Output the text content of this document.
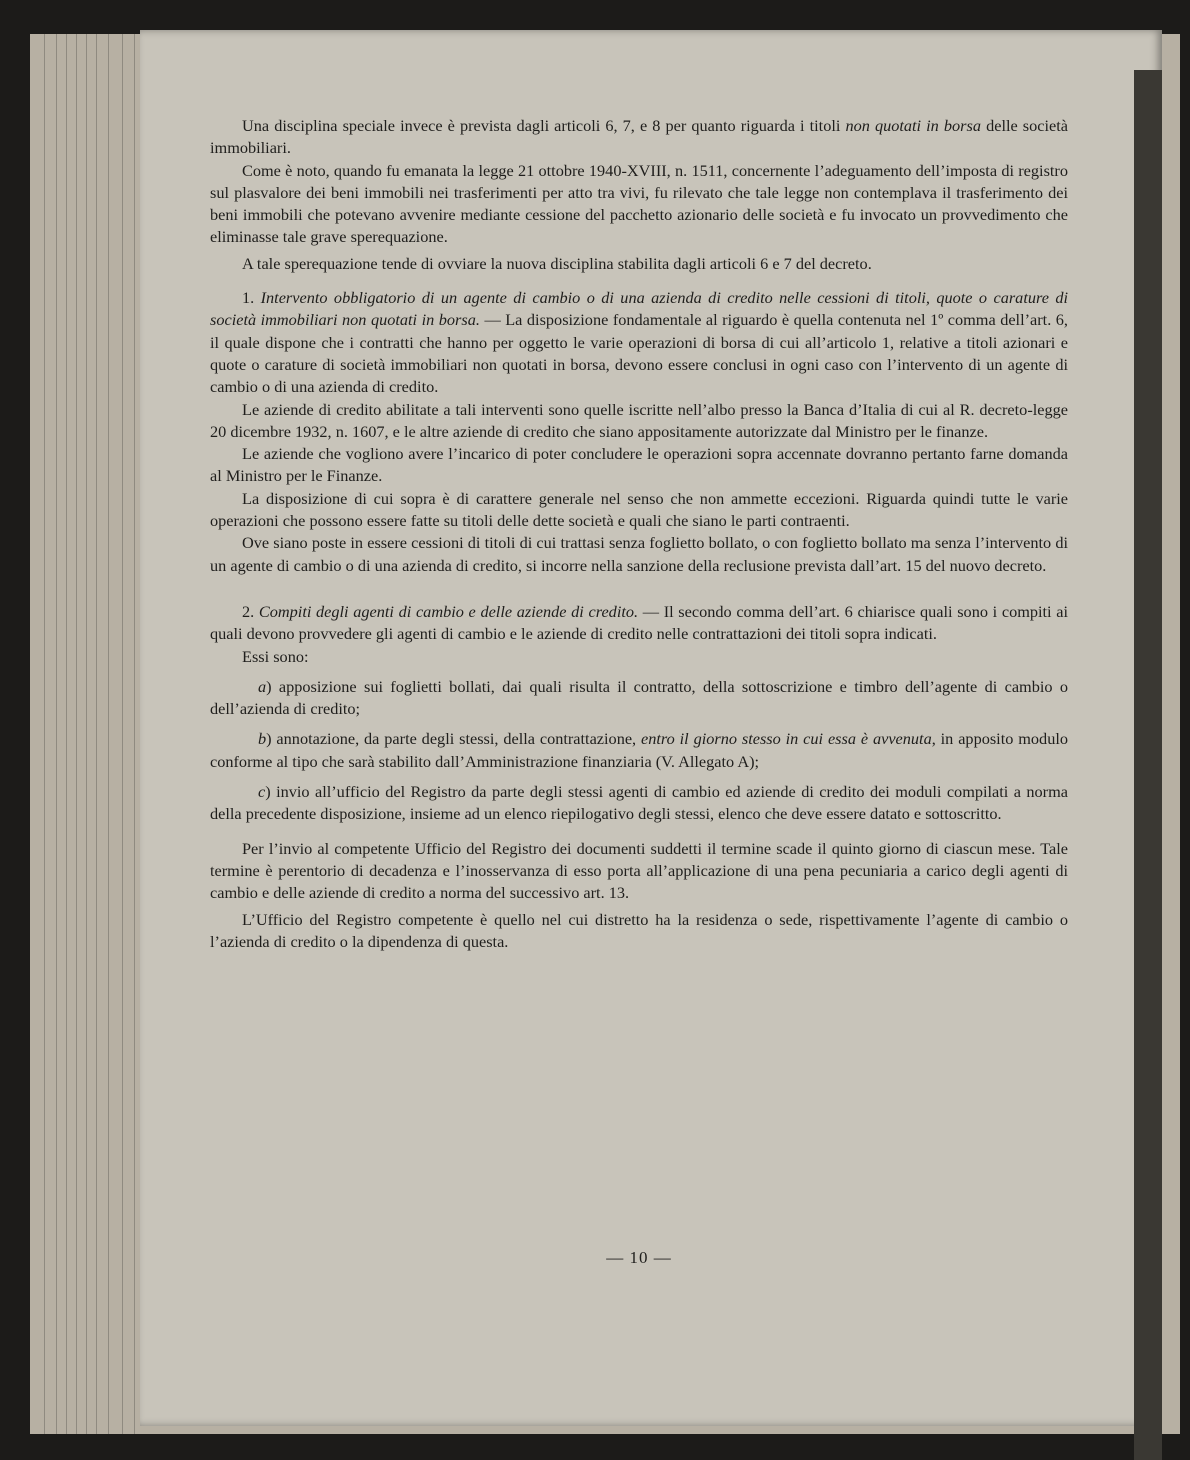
Una disciplina speciale invece è prevista dagli articoli 6, 7, e 8 per quanto riguarda i titoli non quotati in borsa delle società immobiliari.

Come è noto, quando fu emanata la legge 21 ottobre 1940-XVIII, n. 1511, concernente l’adeguamento dell’imposta di registro sul plasvalore dei beni immobili nei trasferimenti per atto tra vivi, fu rilevato che tale legge non contemplava il trasferimento dei beni immobili che potevano avvenire mediante cessione del pacchetto azionario delle società e fu invocato un provvedimento che eliminasse tale grave sperequazione.

A tale sperequazione tende di ovviare la nuova disciplina stabilita dagli articoli 6 e 7 del decreto.

1. Intervento obbligatorio di un agente di cambio o di una azienda di credito nelle cessioni di titoli, quote o carature di società immobiliari non quotati in borsa. — La disposizione fondamentale al riguardo è quella contenuta nel 1º comma dell’art. 6, il quale dispone che i contratti che hanno per oggetto le varie operazioni di borsa di cui all’articolo 1, relative a titoli azionari e quote o carature di società immobiliari non quotati in borsa, devono essere conclusi in ogni caso con l’intervento di un agente di cambio o di una azienda di credito.

Le aziende di credito abilitate a tali interventi sono quelle iscritte nell’albo presso la Banca d’Italia di cui al R. decreto-legge 20 dicembre 1932, n. 1607, e le altre aziende di credito che siano appositamente autorizzate dal Ministro per le finanze.

Le aziende che vogliono avere l’incarico di poter concludere le operazioni sopra accennate dovranno pertanto farne domanda al Ministro per le Finanze.

La disposizione di cui sopra è di carattere generale nel senso che non ammette eccezioni. Riguarda quindi tutte le varie operazioni che possono essere fatte su titoli delle dette società e quali che siano le parti contraenti.

Ove siano poste in essere cessioni di titoli di cui trattasi senza foglietto bollato, o con foglietto bollato ma senza l’intervento di un agente di cambio o di una azienda di credito, si incorre nella sanzione della reclusione prevista dall’art. 15 del nuovo decreto.

2. Compiti degli agenti di cambio e delle aziende di credito. — Il secondo comma dell’art. 6 chiarisce quali sono i compiti ai quali devono provvedere gli agenti di cambio e le aziende di credito nelle contrattazioni dei titoli sopra indicati.

Essi sono:

a) apposizione sui foglietti bollati, dai quali risulta il contratto, della sottoscrizione e timbro dell’agente di cambio o dell’azienda di credito;

b) annotazione, da parte degli stessi, della contrattazione, entro il giorno stesso in cui essa è avvenuta, in apposito modulo conforme al tipo che sarà stabilito dall’Amministrazione finanziaria (V. Allegato A);

c) invio all’ufficio del Registro da parte degli stessi agenti di cambio ed aziende di credito dei moduli compilati a norma della precedente disposizione, insieme ad un elenco riepilogativo degli stessi, elenco che deve essere datato e sottoscritto.

Per l’invio al competente Ufficio del Registro dei documenti suddetti il termine scade il quinto giorno di ciascun mese. Tale termine è perentorio di decadenza e l’inosservanza di esso porta all’applicazione di una pena pecuniaria a carico degli agenti di cambio e delle aziende di credito a norma del successivo art. 13.

L’Ufficio del Registro competente è quello nel cui distretto ha la residenza o sede, rispettivamente l’agente di cambio o l’azienda di credito o la dipendenza di questa.

— 10 —
